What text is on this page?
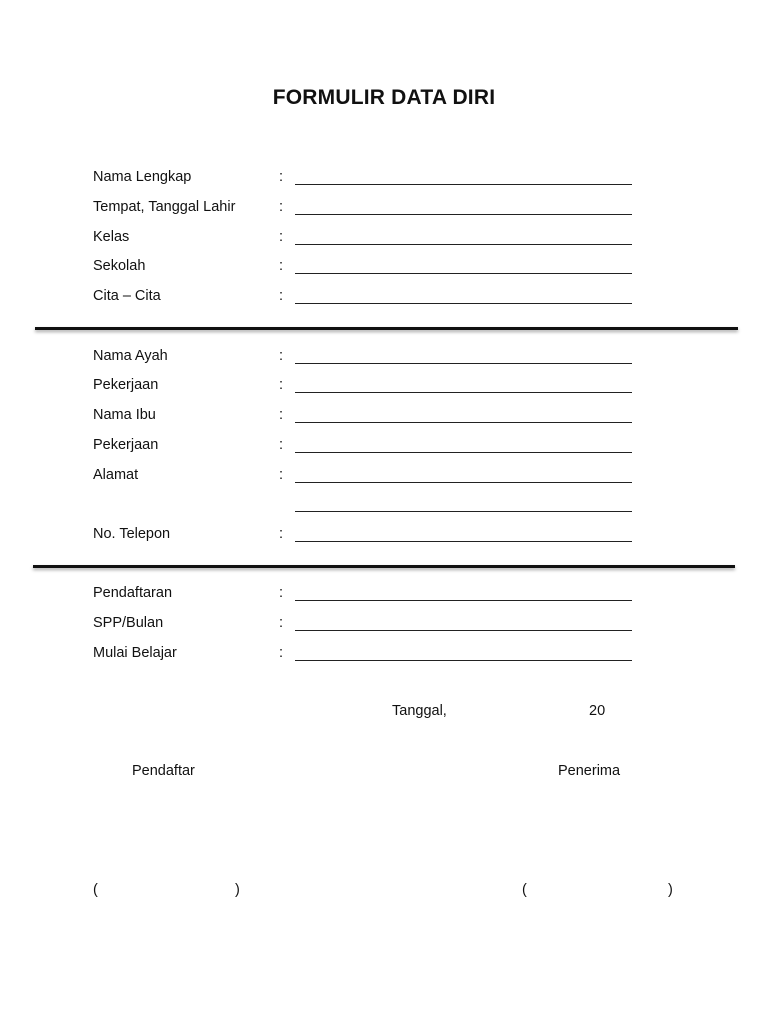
FORMULIR DATA DIRI
Nama Lengkap	:
Tempat, Tanggal Lahir	:
Kelas	:
Sekolah	:
Cita – Cita	:
Nama Ayah	:
Pekerjaan	:
Nama Ibu	:
Pekerjaan	:
Alamat	:
No. Telepon	:
Pendaftaran	:
SPP/Bulan	:
Mulai Belajar	:
Tanggal,	20
Pendaftar	Penerima
(	)	(	)
